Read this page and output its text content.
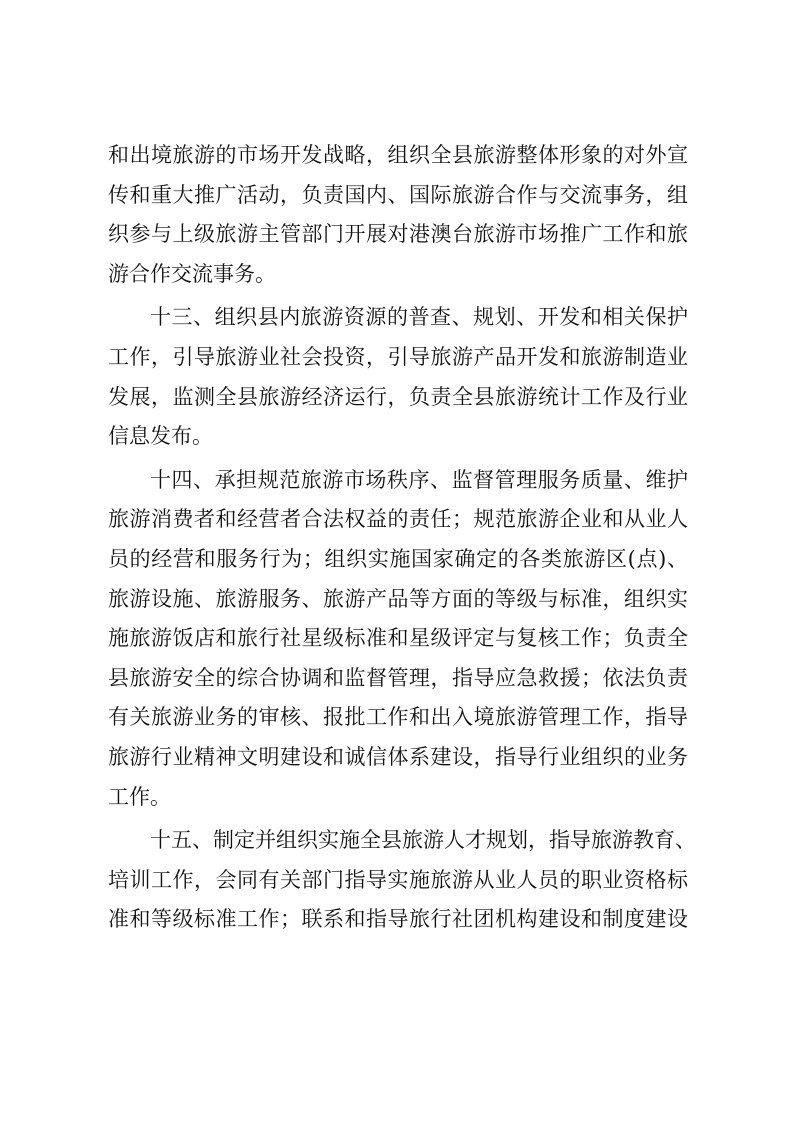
和出境旅游的市场开发战略，组织全县旅游整体形象的对外宣
传和重大推广活动，负责国内、国际旅游合作与交流事务，组
织参与上级旅游主管部门开展对港澳台旅游市场推广工作和旅
游合作交流事务。
十三、组织县内旅游资源的普查、规划、开发和相关保护
工作，引导旅游业社会投资，引导旅游产品开发和旅游制造业
发展，监测全县旅游经济运行，负责全县旅游统计工作及行业
信息发布。
十四、承担规范旅游市场秩序、监督管理服务质量、维护
旅游消费者和经营者合法权益的责任；规范旅游企业和从业人
员的经营和服务行为；组织实施国家确定的各类旅游区(点)、
旅游设施、旅游服务、旅游产品等方面的等级与标准，组织实
施旅游饭店和旅行社星级标准和星级评定与复核工作；负责全
县旅游安全的综合协调和监督管理，指导应急救援；依法负责
有关旅游业务的审核、报批工作和出入境旅游管理工作，指导
旅游行业精神文明建设和诚信体系建设，指导行业组织的业务
工作。
十五、制定并组织实施全县旅游人才规划，指导旅游教育、
培训工作，会同有关部门指导实施旅游从业人员的职业资格标
准和等级标准工作；联系和指导旅行社团机构建设和制度建设
